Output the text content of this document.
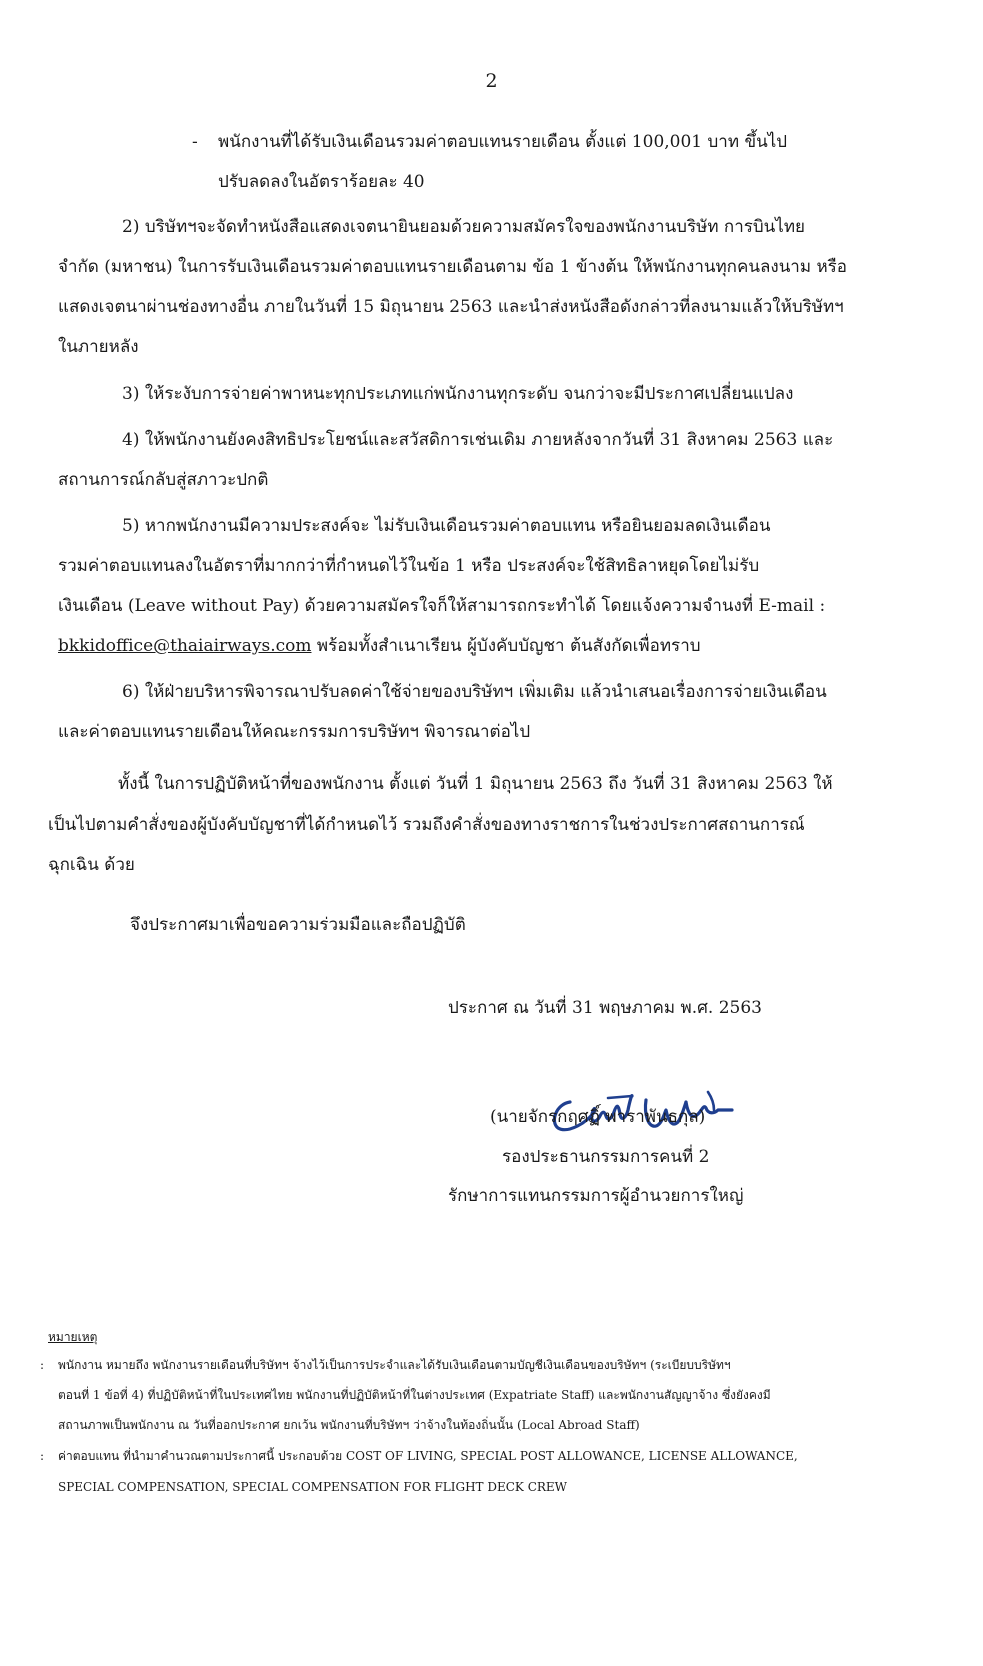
2
- พนักงานที่ได้รับเงินเดือนรวมค่าตอบแทนรายเดือน ตั้งแต่ 100,001 บาท ขึ้นไป
ปรับลดลงในอัตราร้อยละ 40
2) บริษัทฯจะจัดทำหนังสือแสดงเจตนายินยอมด้วยความสมัครใจของพนักงานบริษัท การบินไทย
จำกัด (มหาชน) ในการรับเงินเดือนรวมค่าตอบแทนรายเดือนตาม ข้อ 1 ข้างต้น ให้พนักงานทุกคนลงนาม หรือ
แสดงเจตนาผ่านช่องทางอื่น ภายในวันที่ 15 มิถุนายน 2563 และนำส่งหนังสือดังกล่าวที่ลงนามแล้วให้บริษัทฯ
ในภายหลัง
3) ให้ระงับการจ่ายค่าพาหนะทุกประเภทแก่พนักงานทุกระดับ จนกว่าจะมีประกาศเปลี่ยนแปลง
4) ให้พนักงานยังคงสิทธิประโยชน์และสวัสดิการเช่นเดิม ภายหลังจากวันที่ 31 สิงหาคม 2563 และ
สถานการณ์กลับสู่สภาวะปกติ
5) หากพนักงานมีความประสงค์จะ ไม่รับเงินเดือนรวมค่าตอบแทน หรือยินยอมลดเงินเดือน
รวมค่าตอบแทนลงในอัตราที่มากกว่าที่กำหนดไว้ในข้อ 1 หรือ ประสงค์จะใช้สิทธิลาหยุดโดยไม่รับ
เงินเดือน (Leave without Pay) ด้วยความสมัครใจก็ให้สามารถกระทำได้ โดยแจ้งความจำนงที่ E-mail :
bkkidoffice@thaiairways.com พร้อมทั้งสำเนาเรียน ผู้บังคับบัญชา ต้นสังกัดเพื่อทราบ
6) ให้ฝ่ายบริหารพิจารณาปรับลดค่าใช้จ่ายของบริษัทฯ เพิ่มเติม แล้วนำเสนอเรื่องการจ่ายเงินเดือน
และค่าตอบแทนรายเดือนให้คณะกรรมการบริษัทฯ พิจารณาต่อไป
ทั้งนี้ ในการปฏิบัติหน้าที่ของพนักงาน ตั้งแต่ วันที่ 1 มิถุนายน 2563 ถึง วันที่ 31 สิงหาคม 2563 ให้
เป็นไปตามคำสั่งของผู้บังคับบัญชาที่ได้กำหนดไว้ รวมถึงคำสั่งของทางราชการในช่วงประกาศสถานการณ์
ฉุกเฉิน ด้วย
จึงประกาศมาเพื่อขอความร่วมมือและถือปฏิบัติ
ประกาศ ณ วันที่ 31 พฤษภาคม พ.ศ. 2563
(นายจักรกฤศฏิ์ พาราพันธกุล)
รองประธานกรรมการคนที่ 2
รักษาการแทนกรรมการผู้อำนวยการใหญ่
หมายเหตุ
: พนักงาน หมายถึง พนักงานรายเดือนที่บริษัทฯ จ้างไว้เป็นการประจำและได้รับเงินเดือนตามบัญชีเงินเดือนของบริษัทฯ (ระเบียบบริษัทฯ
ตอนที่ 1 ข้อที่ 4) ที่ปฏิบัติหน้าที่ในประเทศไทย พนักงานที่ปฏิบัติหน้าที่ในต่างประเทศ (Expatriate Staff) และพนักงานสัญญาจ้าง ซึ่งยังคงมี
สถานภาพเป็นพนักงาน ณ วันที่ออกประกาศ ยกเว้น พนักงานที่บริษัทฯ ว่าจ้างในท้องถิ่นนั้น (Local Abroad Staff)
: ค่าตอบแทน ที่นำมาคำนวณตามประกาศนี้ ประกอบด้วย COST OF LIVING, SPECIAL POST ALLOWANCE, LICENSE ALLOWANCE,
SPECIAL COMPENSATION, SPECIAL COMPENSATION FOR FLIGHT DECK CREW
